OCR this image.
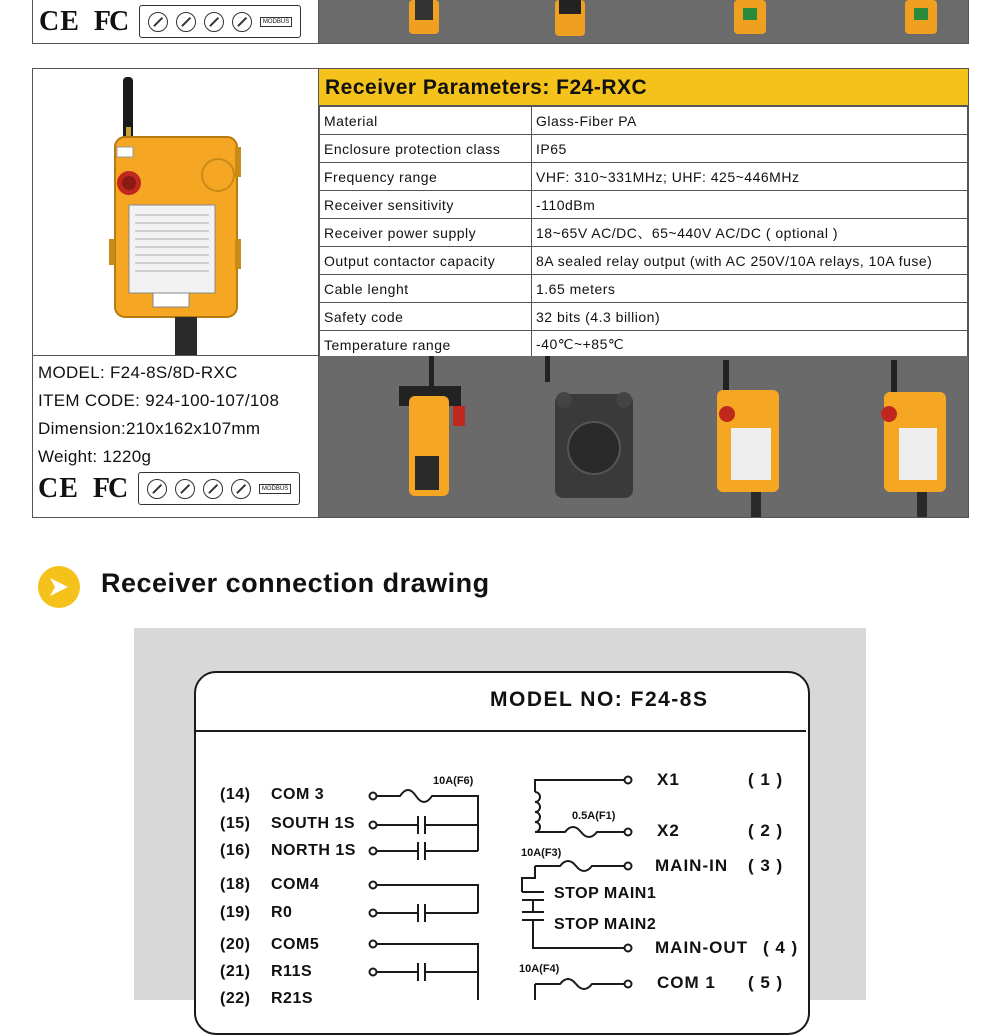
CE FC	MODBUS
Receiver Parameters: F24-RXC
Material	Glass-Fiber PA
Enclosure protection class	IP65
Frequency range	VHF: 310~331MHz; UHF: 425~446MHz
Receiver sensitivity	-110dBm
Receiver power supply	18~65V AC/DC、65~440V AC/DC ( optional )
Output contactor capacity	8A sealed relay output (with AC 250V/10A relays, 10A fuse)
Cable lenght	1.65 meters
Safety code	32 bits (4.3 billion)
Temperature range	-40℃~+85℃
MODEL: F24-8S/8D-RXC
ITEM CODE: 924-100-107/108
Dimension:210x162x107mm
Weight: 1220g
CE FC	MODBUS
Receiver connection drawing
MODEL NO: F24-8S
(14) COM 3
(15) SOUTH 1S
(16) NORTH 1S
(18) COM4
(19) R0
(20) COM5
(21) R11S
(22) R21S
X1	( 1 )
X2	( 2 )
MAIN-IN ( 3 )
MAIN-OUT ( 4 )
COM 1 ( 5 )
STOP MAIN1
STOP MAIN2
10A(F6)
0.5A(F1)
10A(F3)
10A(F4)
